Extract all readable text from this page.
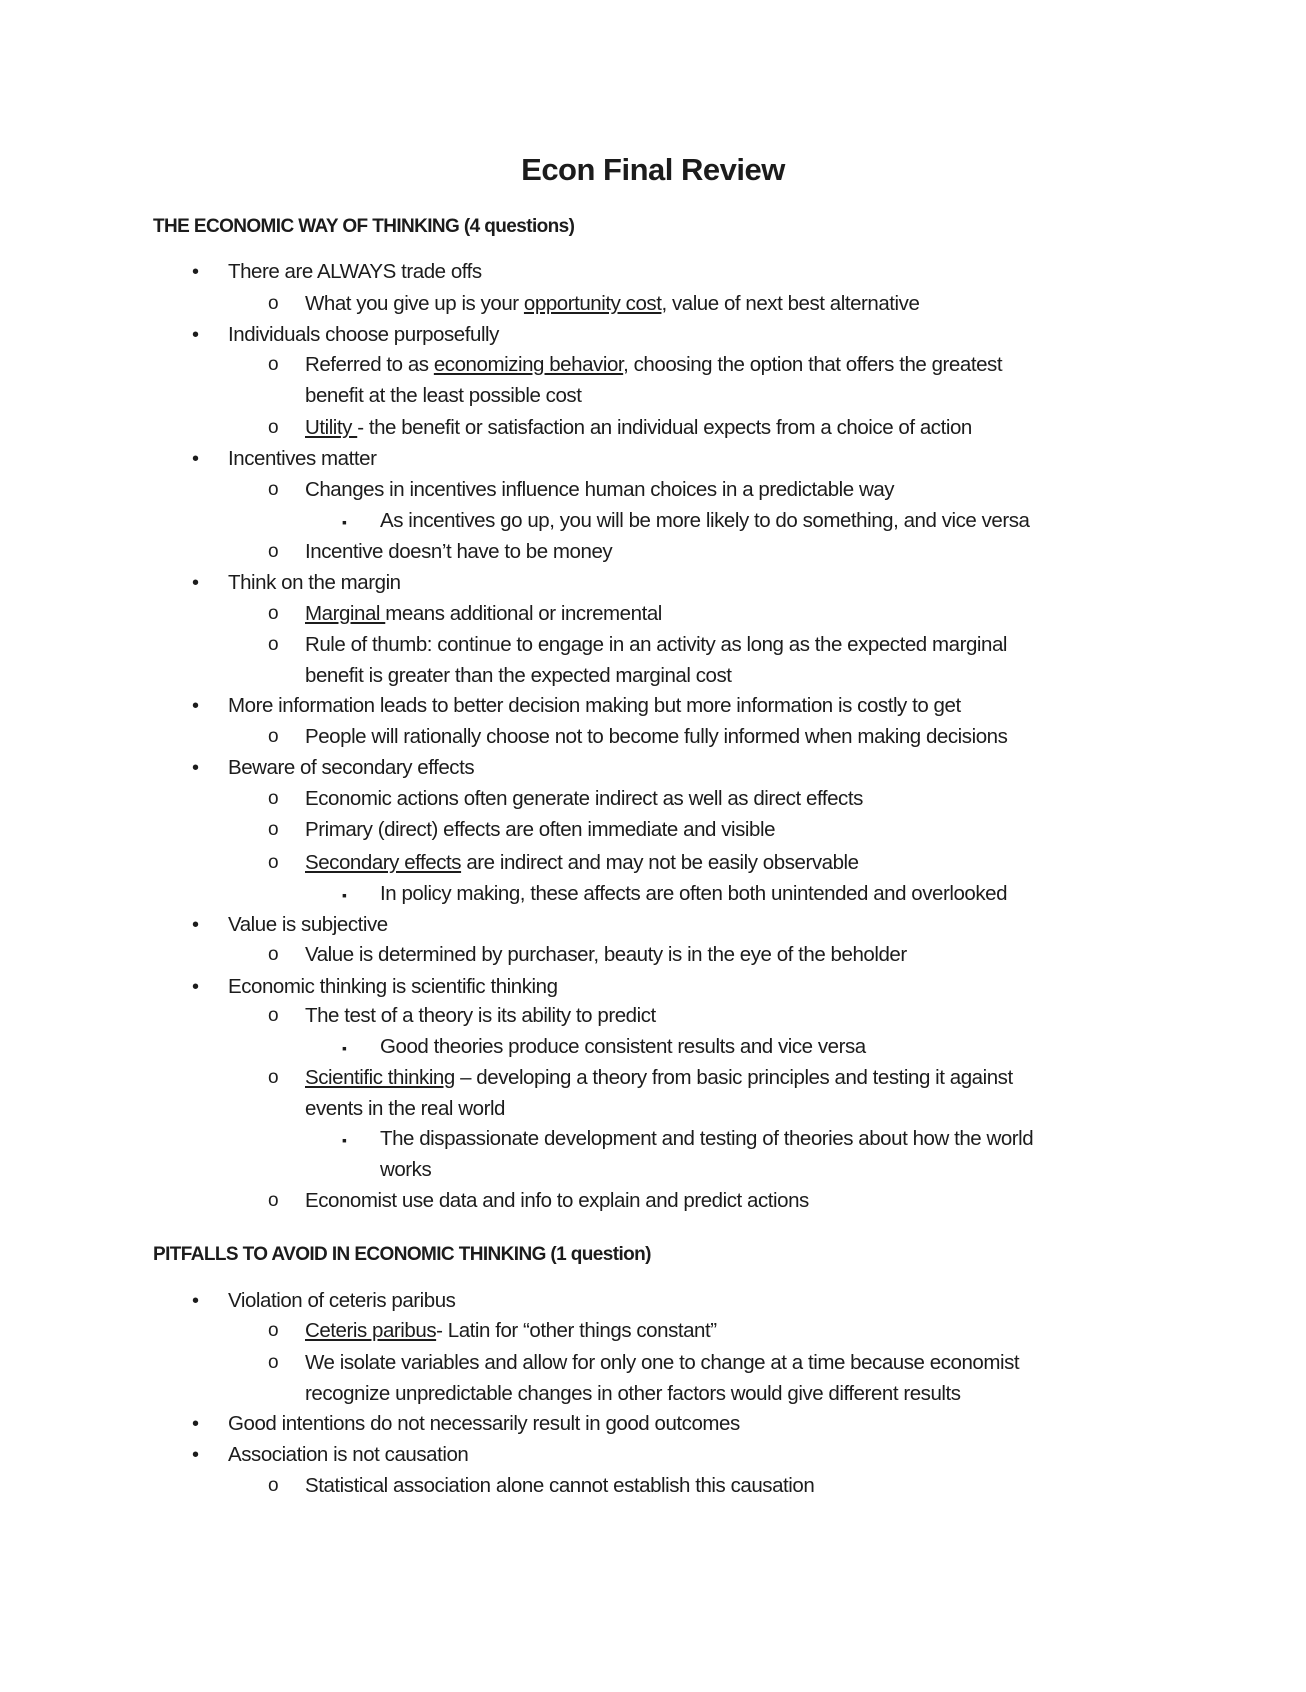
Econ Final Review
THE ECONOMIC WAY OF THINKING (4 questions)
• There are ALWAYS trade offs
o What you give up is your opportunity cost, value of next best alternative
• Individuals choose purposefully
o Referred to as economizing behavior, choosing the option that offers the greatest
benefit at the least possible cost
o Utility - the benefit or satisfaction an individual expects from a choice of action
• Incentives matter
o Changes in incentives influence human choices in a predictable way
▪ As incentives go up, you will be more likely to do something, and vice versa
o Incentive doesn’t have to be money
• Think on the margin
o Marginal means additional or incremental
o Rule of thumb: continue to engage in an activity as long as the expected marginal
benefit is greater than the expected marginal cost
• More information leads to better decision making but more information is costly to get
o People will rationally choose not to become fully informed when making decisions
• Beware of secondary effects
o Economic actions often generate indirect as well as direct effects
o Primary (direct) effects are often immediate and visible
o Secondary effects are indirect and may not be easily observable
▪ In policy making, these affects are often both unintended and overlooked
• Value is subjective
o Value is determined by purchaser, beauty is in the eye of the beholder
• Economic thinking is scientific thinking
o The test of a theory is its ability to predict
▪ Good theories produce consistent results and vice versa
o Scientific thinking – developing a theory from basic principles and testing it against
events in the real world
▪ The dispassionate development and testing of theories about how the world
works
o Economist use data and info to explain and predict actions
PITFALLS TO AVOID IN ECONOMIC THINKING (1 question)
• Violation of ceteris paribus
o Ceteris paribus- Latin for “other things constant”
o We isolate variables and allow for only one to change at a time because economist
recognize unpredictable changes in other factors would give different results
• Good intentions do not necessarily result in good outcomes
• Association is not causation
o Statistical association alone cannot establish this causation
